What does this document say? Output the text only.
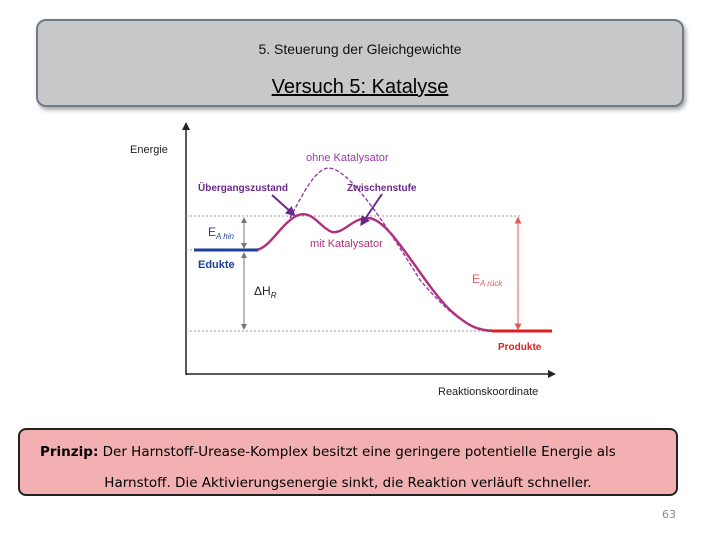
5. Steuerung der Gleichgewichte
Versuch 5: Katalyse
Energie
Reaktionskoordinate
ohne Katalysator
Übergangszustand	Zwischenstufe
mit Katalysator
Edukte
Produkte
$E_{A hin}$
$\Delta H_R$
$E_{A rück}$
Prinzip: Der Harnstoff-Urease-Komplex besitzt eine geringere potentielle Energie als
Harnstoff. Die Aktivierungsenergie sinkt, die Reaktion verläuft schneller.
63
